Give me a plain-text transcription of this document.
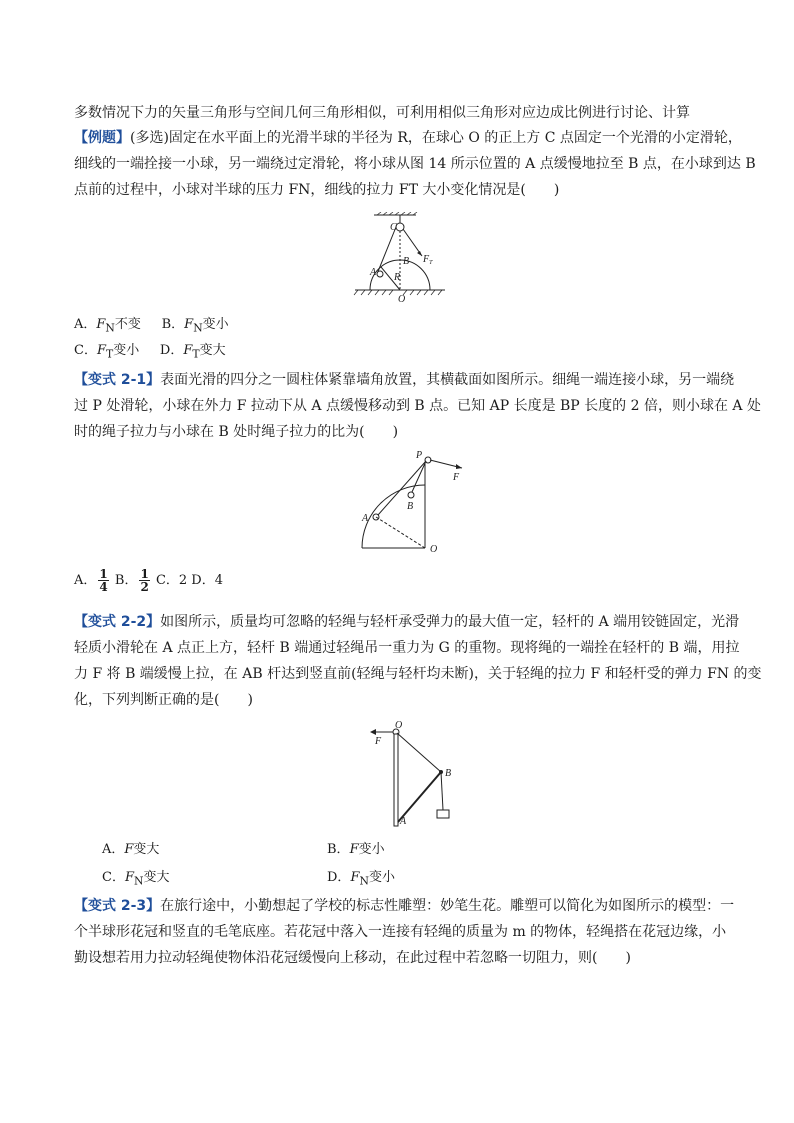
多数情况下力的矢量三角形与空间几何三角形相似，可利用相似三角形对应边成比例进行讨论、计算
【例题】(多选)固定在水平面上的光滑半球的半径为 R，在球心 O 的正上方 C 点固定一个光滑的小定滑轮，
细线的一端拴接一小球，另一端绕过定滑轮，将小球从图 14 所示位置的 A 点缓慢地拉至 B 点，在小球到达 B
点前的过程中，小球对半球的压力 FN，细线的拉力 FT 大小变化情况是(　　)
C
A
B
R
O
$F_T$
A．$F_N$不变 B．$F_N$变小
C．$F_T$变小 D．$F_T$变大
【变式 2-1】表面光滑的四分之一圆柱体紧靠墙角放置，其横截面如图所示。细绳一端连接小球，另一端绕
过 P 处滑轮，小球在外力 F 拉动下从 A 点缓慢移动到 B 点。已知 AP 长度是 BP 长度的 2 倍，则小球在 A 处
时的绳子拉力与小球在 B 处时绳子拉力的比为(　　)
P
F
A
B
O
A． $\frac{1}{4}$ B． $\frac{1}{2}$ C．2 D．4
【变式 2-2】如图所示，质量均可忽略的轻绳与轻杆承受弹力的最大值一定，轻杆的 A 端用铰链固定，光滑
轻质小滑轮在 A 点正上方，轻杆 B 端通过轻绳吊一重力为 G 的重物。现将绳的一端拴在轻杆的 B 端，用拉
力 F 将 B 端缓慢上拉，在 AB 杆达到竖直前(轻绳与轻杆均未断)，关于轻绳的拉力 F 和轻杆受的弹力 FN 的变
化，下列判断正确的是(　　)
O
F
B
A
A．F变大	B．F变小
C．$F_N$变大	D．$F_N$变小
【变式 2-3】在旅行途中，小勤想起了学校的标志性雕塑：妙笔生花。雕塑可以简化为如图所示的模型：一
个半球形花冠和竖直的毛笔底座。若花冠中落入一连接有轻绳的质量为 m 的物体，轻绳搭在花冠边缘，小
勤设想若用力拉动轻绳使物体沿花冠缓慢向上移动，在此过程中若忽略一切阻力，则(　　)
